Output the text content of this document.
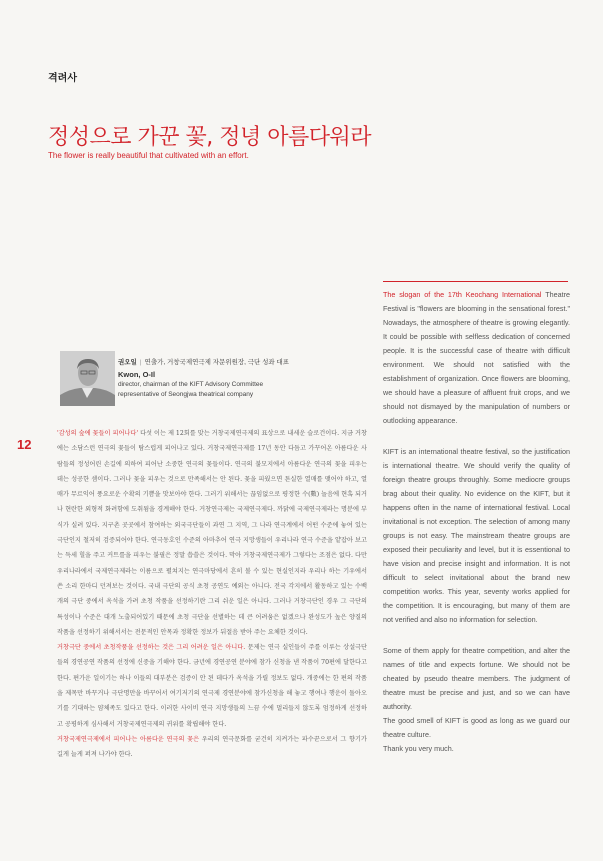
격려사
정성으로 가꾼 꽃, 정녕 아름다워라
The flower is really beautiful that cultivated with an effort.
12
권오일 | 연출가, 거창국제연극제 자문위원장, 극단 성좌 대표
Kwon, O-Il
director, chairman of the KIFT Advisory Committee
representative of Seongjwa theatrical company

'감성의 숲에 꽃들이 피어나다' 다섯 이는 제 12회를 맞는 거창국제연극제의 표상으로 내세운 슬로건이다. 지금 거창에는 소담스런 연극의 꽃들이 탐스럽게 피어나고 있다. 거창국제연극제를 17년 동안 다듬고 가꾸어온 아름다운 사람들의 정성어린 손길에 의하여 피어난 소중한 연극의 꽃들이다. 연극의 불모지에서 아름다운 연극의 꽃을 피우는 데는 성공한 셈이다. 그러나 꽃을 피우는 것으로 만족해서는 안 된다. 꽃을 피웠으면 튼실한 열매를 맺어야 하고, 열매가 무르익어 풍요로운 수확의 기쁨을 맛보아야 한다. 그러기 위해서는 끊임없으로 평정한 수(數) 놀음에 현혹 되거나 현란한 외형적 화려함에 도취됨을 경계해야 한다. 거창연극제는 국제연극제다. 까닭에 국제연극제라는 명분에 부식가 실려 있다. 지구촌 곳곳에서 참여하는 외국극단들이 과연 그 지역, 그 나라 연극계에서 어떤 수준에 놓여 있는 극단인지 철저히 검증되어야 한다. 연극동호인 수준의 아마추어 연극 지망생들이 우리나라 연극 수준을 얕잡아 보고는 득세 힐을 주고 커트를을 피우는 불필은 정말 씁쓸은 것이다. 막아 거창국제연극제가 그렇다는 조점은 없다. 다만 우리나라에서 국제연극제라는 이름으로 펼쳐지는 연극마당에서 흔히 볼 수 있는 현실인지라 우리나 하는 기우에서 쓴 소리 한마디 던져보는 것이다. 국내 극단의 공식 초청 공연도 예외는 아니다. 전국 각지에서 활동하고 있는 수백 개의 극단 중에서 옥석을 가려 초청 작품을 선정하기란 그리 쉬운 일은 아니다. 그러나 거창극단인 경우 그 극단의 특성이나 수준은 대개 노출되어있기 때문에 초청 극단을 선별하는 데 큰 어려움은 없겠으나 완성도가 높은 양질의 작품을 선정하기 위해서서는 전문적인 안목과 정확한 정보가 뒤절음 받아 주는 요체한 것이다.

거창극단 중에서 초청작품을 선정하는 것은 그리 어려운 일은 아니다. 문제는 연극 실인들이 주를 이루는 상설극단들의 경연공연 작품의 선정에 신중을 기해야 한다. 금년에 경연공연 분야에 참가 신청을 낸 작품이 70편에 달한다고 한다. 편가운 일이기는 하나 이들의 대부분은 검증이 안 된 데다가 옥석을 가릴 정보도 없다. 개중에는 한 편의 작품을 제목만 바꾸거나 극단명만을 바꾸어서 여기저기의 연극제 경연분야에 참가신청을 해 놓고 행여나 행운이 돌아오기를 기대하는 얌체족도 있다고 한다. 이러한 사이비 연극 지망생들의 느끔 수에 멀리들지 않도록 엄정하게 선정하고 공평하게 심사해서 거창국제연극제의 귀위를 확립해야 한다.

거창국제연극제에서 피어나는 아름다운 연극의 꽃은 우리의 연극문화를 굳건히 지켜가는 파수꾼으로서 그 향기가 길게 늘게 퍼져 나가야 한다.

The slogan of the 17th Keochang International Theatre Festival is "flowers are blooming in the sensational forest." Nowadays, the atmosphere of theatre is growing elegantly. It could be possible with selfless dedication of concerned people. It is the successful case of theatre with difficult environment. We should not satisfied with the establishment of organization. Once flowers are blooming, we should have a pleasure of affluent fruit crops, and we should not dismayed by the manipulation of numbers or outlocking appearance.

KIFT is an international theatre festival, so the justification is international theatre. We should verify the quality of foreign theatre groups throughly. Some mediocre groups brag about their quality. No evidence on the KIFT, but it happens often in the name of international festival. Local invitational is not exception. The selection of among many groups is not easy. The mainstream theatre groups are exposed their peculiarity and level, but it is essentional to have vision and precise insight and information. It is not difficult to select invitational about the brand new competition works. This year, seventy works applied for the competition. It is encouraging, but many of them are not verified and also no information for selection.

Some of them apply for theatre competition, and alter the names of title and expects fortune. We should not be cheated by pseudo theatre members. The judgment of theatre must be precise and just, and so we can have authority.

The good smell of KIFT is good as long as we guard our theatre culture.

Thank you very much.
